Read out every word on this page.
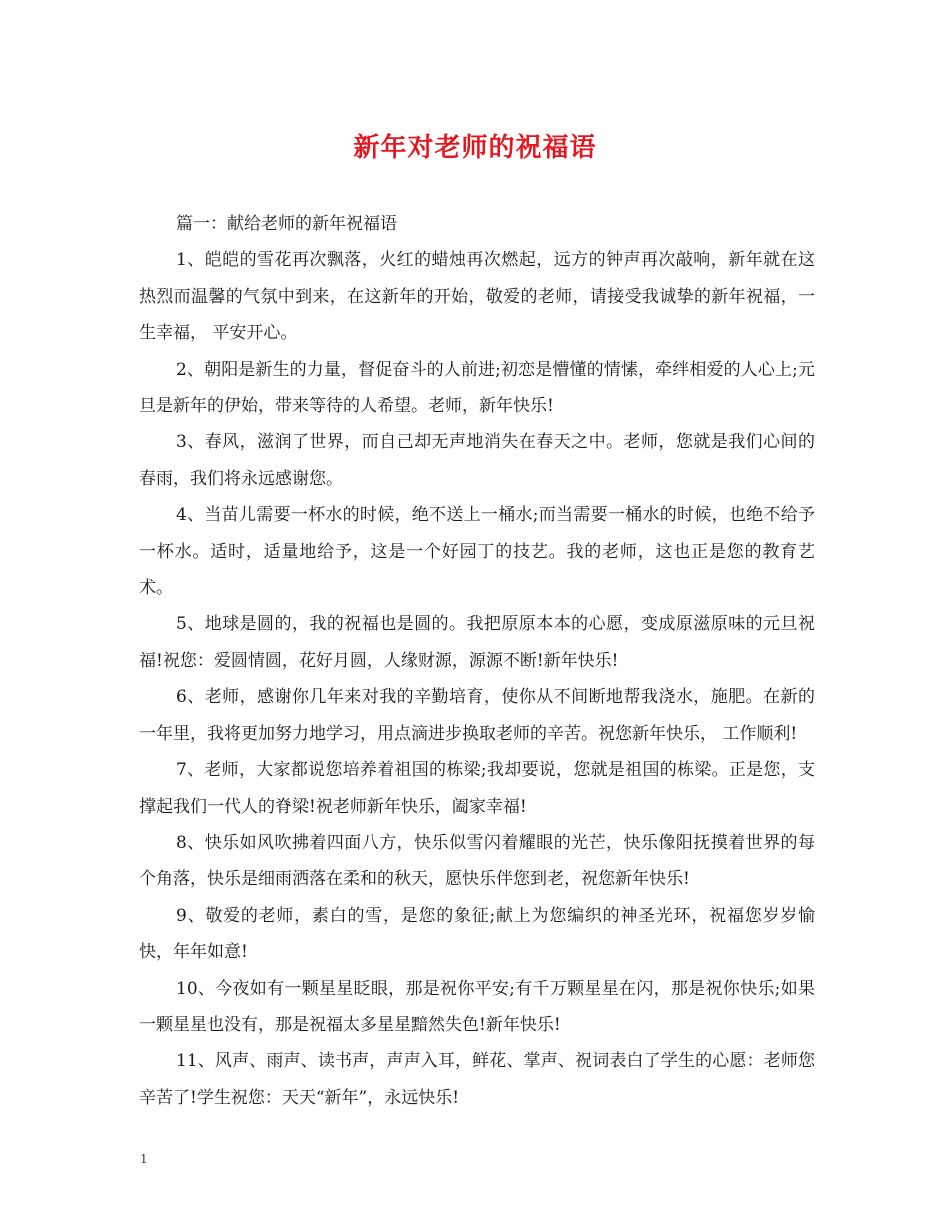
新年对老师的祝福语

篇一：献给老师的新年祝福语

1、皑皑的雪花再次飘落，火红的蜡烛再次燃起，远方的钟声再次敲响，新年就在这热烈而温馨的气氛中到来，在这新年的开始，敬爱的老师，请接受我诚挚的新年祝福，一生幸福， 平安开心。

2、朝阳是新生的力量，督促奋斗的人前进;初恋是懵懂的情愫，牵绊相爱的人心上;元旦是新年的伊始，带来等待的人希望。老师，新年快乐!

3、春风，滋润了世界，而自己却无声地消失在春天之中。老师，您就是我们心间的春雨，我们将永远感谢您。

4、当苗儿需要一杯水的时候，绝不送上一桶水;而当需要一桶水的时候，也绝不给予一杯水。适时，适量地给予，这是一个好园丁的技艺。我的老师，这也正是您的教育艺术。

5、地球是圆的，我的祝福也是圆的。我把原原本本的心愿，变成原滋原味的元旦祝福!祝您：爱圆情圆，花好月圆，人缘财源，源源不断!新年快乐!

6、老师，感谢你几年来对我的辛勤培育，使你从不间断地帮我浇水，施肥。在新的一年里，我将更加努力地学习，用点滴进步换取老师的辛苦。祝您新年快乐， 工作顺利!

7、老师，大家都说您培养着祖国的栋梁;我却要说，您就是祖国的栋梁。正是您，支撑起我们一代人的脊梁!祝老师新年快乐，阖家幸福!

8、快乐如风吹拂着四面八方，快乐似雪闪着耀眼的光芒，快乐像阳抚摸着世界的每个角落，快乐是细雨洒落在柔和的秋天，愿快乐伴您到老，祝您新年快乐!

9、敬爱的老师，素白的雪，是您的象征;献上为您编织的神圣光环，祝福您岁岁愉快，年年如意!

10、今夜如有一颗星星眨眼，那是祝你平安;有千万颗星星在闪，那是祝你快乐;如果一颗星星也没有，那是祝福太多星星黯然失色!新年快乐!

11、风声、雨声、读书声，声声入耳，鲜花、掌声、祝词表白了学生的心愿：老师您辛苦了!学生祝您：天天“新年”，永远快乐!

1
